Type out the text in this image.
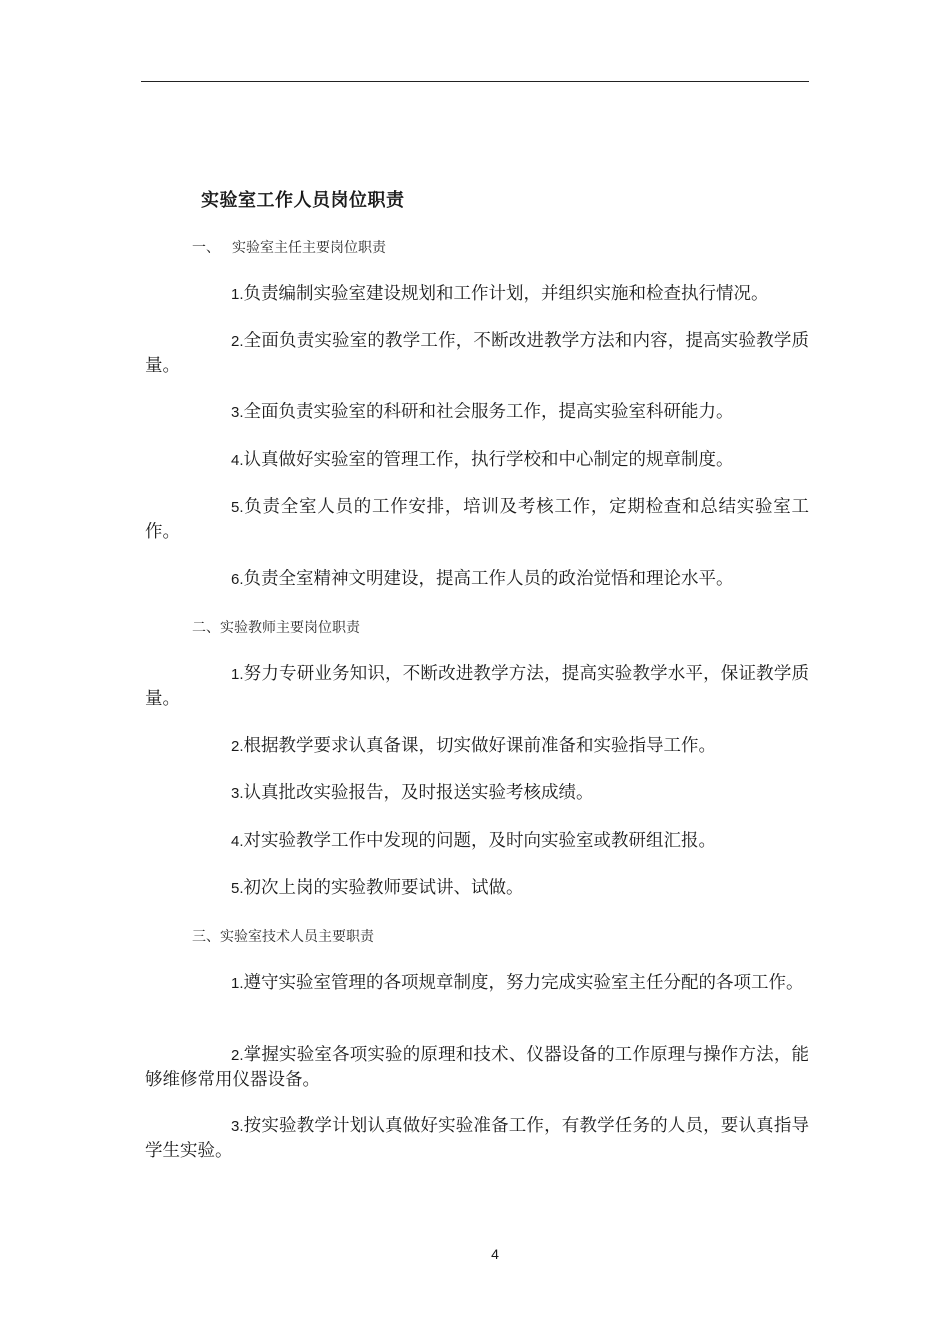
实验室工作人员岗位职责
一、 实验室主任主要岗位职责
1.负责编制实验室建设规划和工作计划，并组织实施和检查执行情况。
2.全面负责实验室的教学工作，不断改进教学方法和内容，提高实验教学质量。
3.全面负责实验室的科研和社会服务工作，提高实验室科研能力。
4.认真做好实验室的管理工作，执行学校和中心制定的规章制度。
5.负责全室人员的工作安排，培训及考核工作，定期检查和总结实验室工作。
6.负责全室精神文明建设，提高工作人员的政治觉悟和理论水平。
二、实验教师主要岗位职责
1.努力专研业务知识，不断改进教学方法，提高实验教学水平，保证教学质量。
2.根据教学要求认真备课，切实做好课前准备和实验指导工作。
3.认真批改实验报告，及时报送实验考核成绩。
4.对实验教学工作中发现的问题，及时向实验室或教研组汇报。
5.初次上岗的实验教师要试讲、试做。
三、实验室技术人员主要职责
1.遵守实验室管理的各项规章制度，努力完成实验室主任分配的各项工作。
2.掌握实验室各项实验的原理和技术、仪器设备的工作原理与操作方法，能够维修常用仪器设备。
3.按实验教学计划认真做好实验准备工作，有教学任务的人员，要认真指导学生实验。
4
